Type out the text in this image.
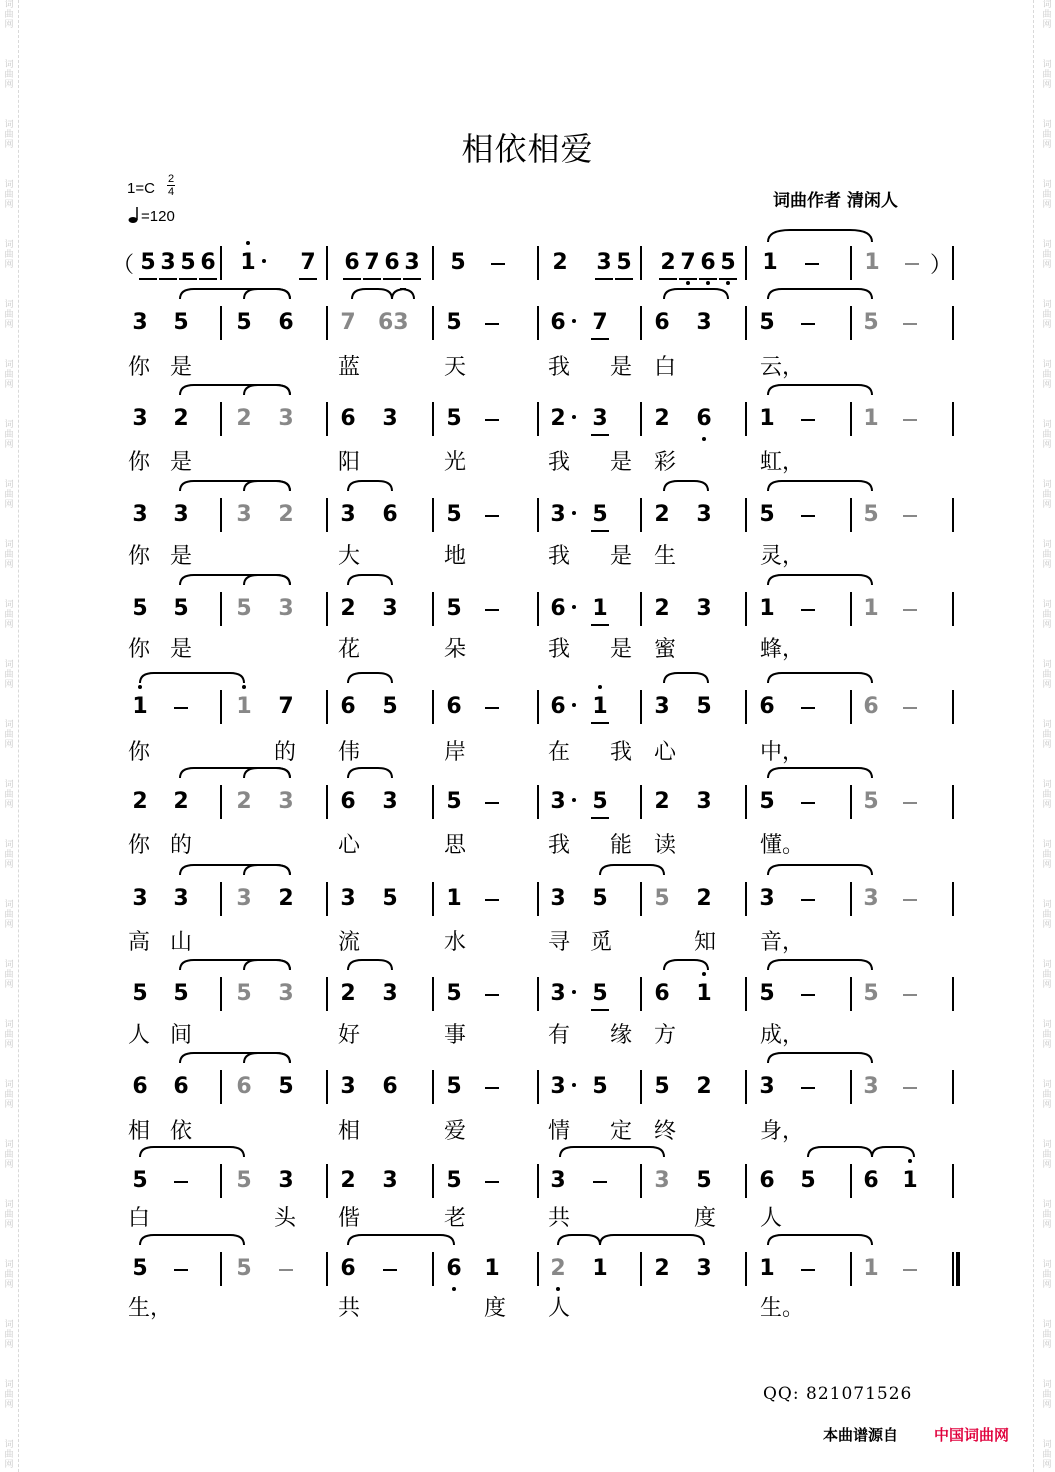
词
曲
网
词
曲
网
词
曲
网
词
曲
网
词
曲
网
词
曲
网
词
曲
网
词
曲
网
词
曲
网
词
曲
网
词
曲
网
词
曲
网
词
曲
网
词
曲
网
词
曲
网
词
曲
网
词
曲
网
词
曲
网
词
曲
网
词
曲
网
词
曲
网
词
曲
网
词
曲
网
词
曲
网
词
曲
网
词
曲
网
词
曲
网
词
曲
网
词
曲
网
词
曲
网
词
曲
网
词
曲
网
词
曲
网
词
曲
网
词
曲
网
词
曲
网
词
曲
网
词
曲
网
词
曲
网
词
曲
网
词
曲
网
词
曲
网
词
曲
网
词
曲
网
词
曲
网
词
曲
网
词
曲
网
词
曲
网
词
曲
网
词
曲
网
相依相爱
1=C
2
4
=120
词曲作者 清闲人
（	）
5 3 5 6 1 7 6 7 6 3 5	2 3 5 2 7 6 5 1	1
3 5 5 6 7 63 5	6 7 6 3 5	5
你 是	蓝	天	我 是 白	云，
3 2 2 3 6 3 5	2 3 2 6 1	1
你 是	阳	光	我 是 彩	虹，
3 3 3 2 3 6 5	3 5 2 3 5	5
你 是	大	地	我 是 生	灵，
5 5 5 3 2 3 5	6 1 2 3 1	1
你 是	花	朵	我 是 蜜	蜂，
1	1 7 6 5 6	6 1 3 5 6	6
你	的 伟	岸	在 我 心	中，
2 2 2 3 6 3 5	3 5 2 3 5	5
你 的	心	思	我 能 读	懂。
3 3 3 2 3 5 1	3 5 5 2 3	3
高 山	流	水	寻 觅	知 音，
5 5 5 3 2 3 5	3 5 6 1 5	5
人 间	好	事	有 缘 方	成，
6 6 6 5 3 6 5	3 5 5 2 3	3
相 依	相	爱	情 定 终	身，
5	5 3 2 3 5	3	3 5 6 5 6 1
白	头 偕	老	共	度 人
5	5	6	6 1 2 1 2 3 1	1
生，	共	度 人	生。
QQ: 821071526
本曲谱源自 中国词曲网
